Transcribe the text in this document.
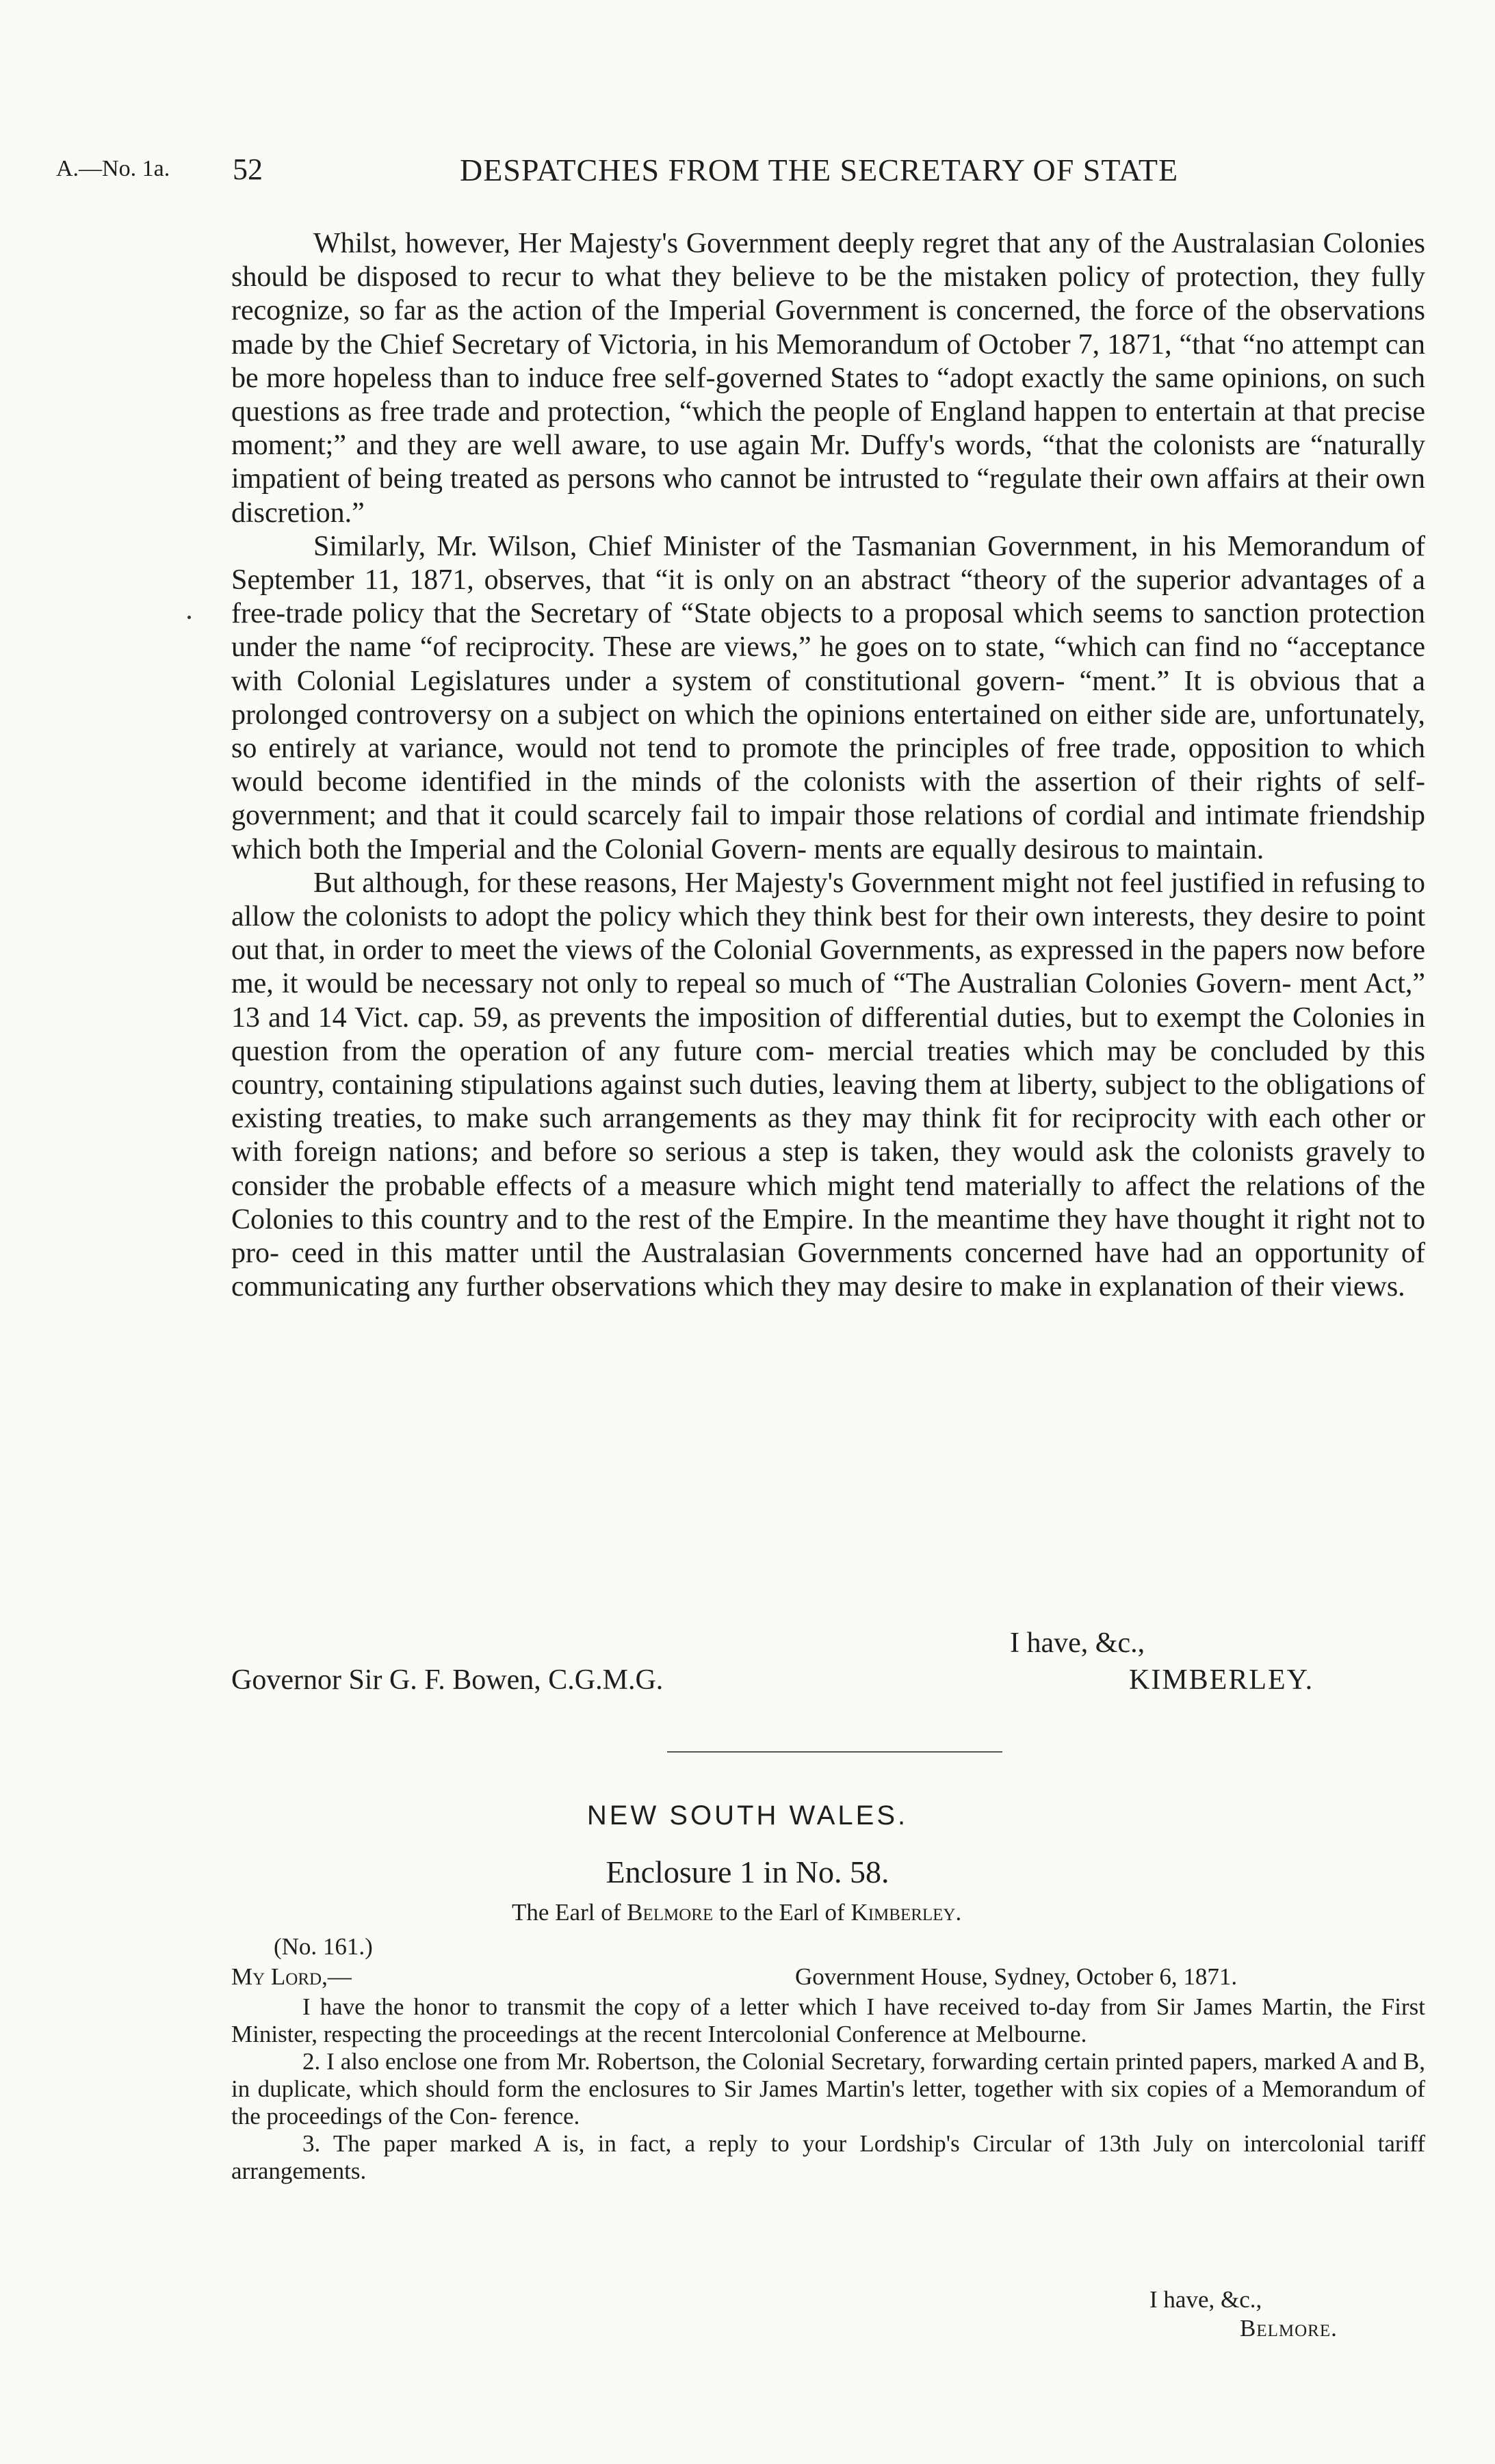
A.—No. 1a. 52	DESPATCHES FROM THE SECRETARY OF STATE

Whilst, however, Her Majesty's Government deeply regret that any of the Australasian Colonies should be disposed to recur to what they believe to be the mistaken policy of protection, they fully recognize, so far as the action of the Imperial Government is concerned, the force of the observations made by the Chief Secretary of Victoria, in his Memorandum of October 7, 1871, “that “no attempt can be more hopeless than to induce free self-governed States to “adopt exactly the same opinions, on such questions as free trade and protection, “which the people of England happen to entertain at that precise moment;” and they are well aware, to use again Mr. Duffy's words, “that the colonists are “naturally impatient of being treated as persons who cannot be intrusted to “regulate their own affairs at their own discretion.”

Similarly, Mr. Wilson, Chief Minister of the Tasmanian Government, in his Memorandum of September 11, 1871, observes, that “it is only on an abstract “theory of the superior advantages of a free-trade policy that the Secretary of “State objects to a proposal which seems to sanction protection under the name “of reciprocity. These are views,” he goes on to state, “which can find no “acceptance with Colonial Legislatures under a system of constitutional govern- “ment.” It is obvious that a prolonged controversy on a subject on which the opinions entertained on either side are, unfortunately, so entirely at variance, would not tend to promote the principles of free trade, opposition to which would become identified in the minds of the colonists with the assertion of their rights of self-government; and that it could scarcely fail to impair those relations of cordial and intimate friendship which both the Imperial and the Colonial Govern- ments are equally desirous to maintain.

But although, for these reasons, Her Majesty's Government might not feel justified in refusing to allow the colonists to adopt the policy which they think best for their own interests, they desire to point out that, in order to meet the views of the Colonial Governments, as expressed in the papers now before me, it would be necessary not only to repeal so much of “The Australian Colonies Govern- ment Act,” 13 and 14 Vict. cap. 59, as prevents the imposition of differential duties, but to exempt the Colonies in question from the operation of any future com- mercial treaties which may be concluded by this country, containing stipulations against such duties, leaving them at liberty, subject to the obligations of existing treaties, to make such arrangements as they may think fit for reciprocity with each other or with foreign nations; and before so serious a step is taken, they would ask the colonists gravely to consider the probable effects of a measure which might tend materially to affect the relations of the Colonies to this country and to the rest of the Empire. In the meantime they have thought it right not to pro- ceed in this matter until the Australasian Governments concerned have had an opportunity of communicating any further observations which they may desire to make in explanation of their views.

I have, &c.,
Governor Sir G. F. Bowen, C.G.M.G.	KIMBERLEY.
NEW SOUTH WALES.
Enclosure 1 in No. 58.
The Earl of Belmore to the Earl of Kimberley.
(No. 161.)
My Lord,—	Government House, Sydney, October 6, 1871.

I have the honor to transmit the copy of a letter which I have received to-day from Sir James Martin, the First Minister, respecting the proceedings at the recent Intercolonial Conference at Melbourne.

2. I also enclose one from Mr. Robertson, the Colonial Secretary, forwarding certain printed papers, marked A and B, in duplicate, which should form the enclosures to Sir James Martin's letter, together with six copies of a Memorandum of the proceedings of the Con- ference.

3. The paper marked A is, in fact, a reply to your Lordship's Circular of 13th July on intercolonial tariff arrangements.

I have, &c.,
Belmore.
